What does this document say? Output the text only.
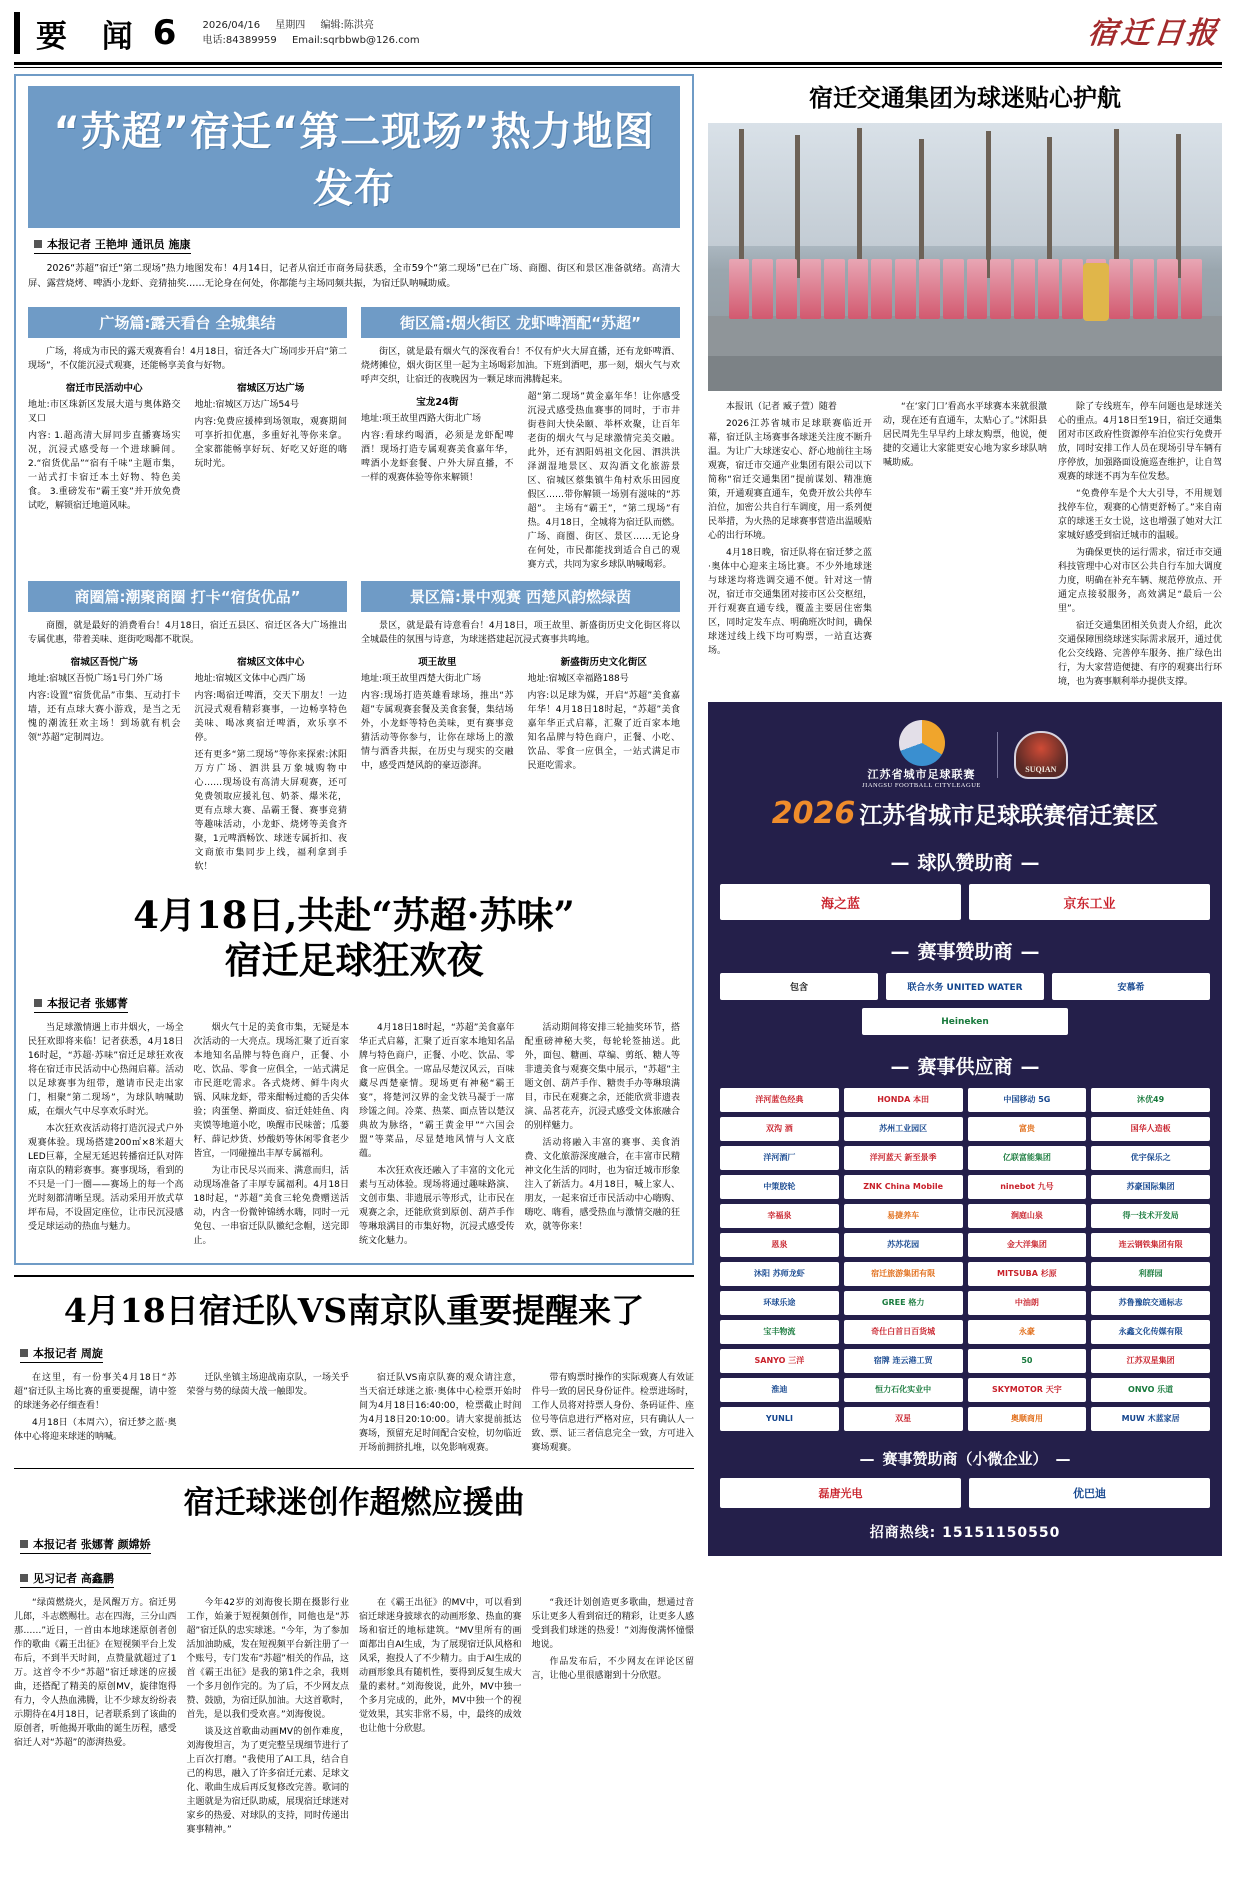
要 闻 6	2026/04/16 星期四 编辑:陈洪亮
电话:84389959 Email:sqrbbwb@126.com	宿迁日报
“苏超”宿迁“第二现场”热力地图发布
本报记者 王艳坤 通讯员 施康

2026“苏超”宿迁“第二现场”热力地图发布！4月14日，记者从宿迁市商务局获悉，全市59个“第二现场”已在广场、商圈、街区和景区准备就绪。高清大屏、露营烧烤、啤酒小龙虾、竞猜抽奖……无论身在何处，你都能与主场同频共振，为宿迁队呐喊助威。

广场篇:露天看台 全城集结

广场，将成为市民的露天观赛看台！4月18日，宿迁各大广场同步开启“第二现场”，不仅能沉浸式观赛，还能畅享美食与好物。

宿迁市民活动中心

地址:市区珠新区发展大道与奥体路交叉口

内容: 1.超高清大屏同步直播赛场实况，沉浸式感受每一个进球瞬间。 2.“宿货优品”“宿有千味”主题市集，一站式打卡宿迁本土好物、特色美食。 3.重磅发布“霸王宴”并开放免费试吃，解锁宿迁地道风味。

宿城区万达广场

地址:宿城区万达广场54号

内容:免费应援棒到场领取，观赛期间可享折扣优惠，多重好礼等你来拿。全家都能畅享好玩、好吃又好逛的嗨玩时光。

街区篇:烟火街区 龙虾啤酒配“苏超”

街区，就是最有烟火气的深夜看台！不仅有炉火大屏直播，还有龙虾啤酒、烧烤摊位，烟火街区里一起为主场喝彩加油。下班到酒吧，那一刻，烟火气与欢呼声交织，让宿迁的夜晚因为一颗足球而沸腾起来。

宝龙24街

地址:项王故里西路大街北广场

内容:看球约喝酒，必须是龙虾配啤酒！现场打造专属观赛美食嘉年华，啤酒小龙虾套餐、户外大屏直播，不一样的观赛体验等你来解锁！

超“第二现场”黄金嘉年华！让你感受沉浸式感受热血赛事的同时，于市井街巷间大快朵颐、举杯欢聚，让百年老街的烟火气与足球激情完美交融。 此外，还有泗阳妈祖文化园、泗洪洪泽湖湿地景区、双沟酒文化旅游景区、宿城区蔡集镇牛角村欢乐田园度假区……带你解锁一场别有滋味的“苏超”。 主场有“霸王”，“第二现场”有热。4月18日，全城将为宿迁队而燃。广场、商圈、街区、景区……无论身在何处，市民都能找到适合自己的观赛方式，共同为家乡球队呐喊喝彩。

商圈篇:潮聚商圈 打卡“宿货优品”

商圈，就是最好的消费看台！4月18日，宿迁五县区、宿迁区各大广场推出专属优惠，带着美味、逛街吃喝都不耽误。

宿城区吾悦广场

地址:宿城区吾悦广场1号门外广场

内容:设置“宿货优品”市集、互动打卡墙，还有点球大赛小游戏，是当之无愧的潮流狂欢主场！到场就有机会领“苏超”定制周边。

宿城区文体中心

地址:宿城区文体中心西广场

内容:喝宿迁啤酒，交天下朋友！一边沉浸式观看精彩赛事，一边畅享特色美味、喝冰爽宿迁啤酒，欢乐享不停。

还有更多“第二现场”等你来探索:沭阳万方广场、泗洪县万象城购物中心……现场设有高清大屏观赛，还可免费领取应援礼包、奶茶、爆米花，更有点球大赛、品霸王餐、赛事竞猜等趣味活动，小龙虾、烧烤等美食齐聚，1元啤酒畅饮、球迷专属折扣、夜文商旅市集同步上线，福利拿到手软！

景区篇:景中观赛 西楚风韵燃绿茵

景区，就是最有诗意看台！4月18日，项王故里、新盛街历史文化街区将以全城最佳的氛围与诗意，为球迷搭建起沉浸式赛事共鸣地。

项王故里

地址:项王故里西楚大街北广场

内容:现场打造英雄看球场，推出“苏超”专属观赛套餐及美食套餐，集结场外，小龙虾等特色美味，更有赛事竞猜活动等你参与，让你在球场上的激情与酒香共振，在历史与现实的交融中，感受西楚风韵的豪迈澎湃。

新盛街历史文化街区

地址:宿城区幸福路188号

内容:以足球为媒，开启“苏超”美食嘉年华！4月18日18时起，“苏超”美食嘉年华正式启幕，汇聚了近百家本地知名品牌与特色商户，正餐、小吃、饮品、零食一应俱全，一站式满足市民逛吃需求。

4月18日,共赴“苏超·苏味”
宿迁足球狂欢夜
本报记者 张娜菁

当足球激情遇上市井烟火，一场全民狂欢即将来临！记者获悉，4月18日16时起，“苏超·苏味”宿迁足球狂欢夜将在宿迁市民活动中心热闹启幕。活动以足球赛事为纽带，邀请市民走出家门，相聚“第二现场”，为球队呐喊助威，在烟火气中尽享欢乐时光。

本次狂欢夜活动将打造沉浸式户外观赛体验。现场搭建200㎡×8米超大LED巨幕，全屋无延迟转播宿迁队对阵南京队的精彩赛事。赛事现场，看到的不只是一门一圈——赛场上的每一个高光时刻都清晰呈现。活动采用开放式草坪布局，不设固定座位，让市民沉浸感受足球运动的热血与魅力。

烟火气十足的美食市集，无疑是本次活动的一大亮点。现场汇聚了近百家本地知名品牌与特色商户，正餐、小吃、饮品、零食一应俱全，一站式满足市民逛吃需求。各式烧烤、鲜牛肉火锅、风味龙虾，带来酣畅过瘾的舌尖体验；肉蛋堡、擀面皮、宿迁娃娃鱼、肉夹馍等地道小吃，唤醒市民味蕾；瓜蒌籽、薛记炒货、炒酸奶等休闲零食老少皆宜，一同碰撞出丰厚专属福利。

为让市民尽兴而来、满意而归，活动现场准备了丰厚专属福利。4月18日18时起，“苏超”美食三轮免费赠送活动，内含一份微钟锦绣水嗨，同时一元免包、一串宿迁队队徽纪念帽，送完即止。

4月18日18时起，“苏超”美食嘉年华正式启幕，汇聚了近百家本地知名品牌与特色商户，正餐、小吃、饮品、零食一应俱全。一席品尽楚汉风云，百味藏尽西楚豪情。现场更有神秘“霸王宴”，将楚河汉界的金戈铁马凝于一席珍馐之间。冷菜、热菜、面点皆以楚汉典故为脉络，“霸王黄金甲”“六国会盟”等菜品，尽显楚地风情与人文底蕴。

本次狂欢夜还融入了丰富的文化元素与互动体验。现场将通过趣味路演、文创市集、非遗展示等形式，让市民在观赛之余，还能欣赏到原创、葫芦手作等琳琅满目的市集好物，沉浸式感受传统文化魅力。

活动期间将安排三轮抽奖环节，搭配重磅神秘大奖，每轮轮签抽送。此外，面包、糖画、草编、剪纸、糖人等非遗美食与观赛交集中展示，“苏超”主题文创、葫芦手作、糖贵手办等琳琅满目，市民在观赛之余，还能欣赏非遗表演、品茗花卉，沉浸式感受文体旅融合的别样魅力。

活动将融入丰富的赛事、美食消费、文化旅游深度融合，在丰富市民精神文化生活的同时，也为宿迁城市形象注入了新活力。4月18日，喊上家人、朋友，一起来宿迁市民活动中心嗨购、嗨吃、嗨看，感受热血与激情交融的狂欢，就等你来！

4月18日宿迁队VS南京队重要提醒来了
本报记者 周旋

在这里，有一份事关4月18日“苏超”宿迁队主场比赛的重要提醒，请中签的球迷务必仔细查看！

4月18日（本周六），宿迁梦之蓝·奥体中心将迎来球迷的呐喊。

迁队坐镇主场迎战南京队，一场关乎荣誉与势的绿茵大战一触即发。

宿迁队VS南京队赛的观众请注意，当天宿迁球迷之旅·奥体中心检票开始时间为4月18日16:40:00，检票截止时间为4月18日20:10:00。请大家提前抵达赛场，预留充足时间配合安检，切勿临近开场前拥挤扎堆，以免影响观赛。

带有购票时操作的实际观赛人有效证件号一致的居民身份证件。检票进场时，工作人员将对持票人身份、条码证件、座位号等信息进行严格对应，只有确认人一致、票、证三者信息完全一致，方可进入赛场观赛。

宿迁球迷创作超燃应援曲
本报记者 张娜菁 颜嫦娇
见习记者 高鑫鹏

“绿茵燃烧火，是风醒万方。宿迁男儿郎，斗志燃赐壮。志在四海，三分山西那……”近日，一首由本地球迷原创者创作的歌曲《霸王出征》在短视频平台上发布后，不到半天时间，点赞量就超过了1万。这首令不少“苏超”宿迁球迷的应援曲，还搭配了精美的原创MV，旋律饱得有力，令人热血沸腾，让不少球友纷纷表示期待在4月18日，记者联系到了该曲的原创者，听他揭开歌曲的诞生历程，感受宿迁人对“苏超”的澎湃热爱。

今年42岁的刘海俊长期在摄影行业工作，始兼于短视频创作，同他也是“苏超”宿迁队的忠实球迷。“今年，为了参加活加油助威，发在短视频平台新注册了一个账号，专门发布“苏超”相关的作品，这首《霸王出征》是我的第1件之余，我则一个多月创作完的。为了后，不少网友点赞、鼓励，为宿迁队加油。大这首歌时，首先，是以我们受欢喜。”刘海俊说。

谈及这首歌曲动画MV的创作难度，刘海俊坦言，为了更完整呈现细节进行了上百次打磨。“我使用了AI工具，结合自己的构思，融入了许多宿迁元素、足球文化、歌曲生成后再反复修改完善。歌词的主题就是为宿迁队助威，展现宿迁球迷对家乡的热爱、对球队的支持，同时传递出赛事精神。”

在《霸王出征》的MV中，可以看到宿迁球迷身披球衣的动画形象、热血的赛场和宿迁的地标建筑。“MV里所有的画面都出自AI生成，为了展现宿迁队风格和风采，抱投人了不少精力。由于AI生成的动画形象具有随机性，要得到反复生成大量的素材。”刘海俊说，此外，MV中独一个多月完成的，此外，MV中独一个的视觉效果，其实非常不易，中，最终的成效也让他十分欣慰。

“我还计划创造更多歌曲，想通过音乐让更多人看到宿迁的精彩，让更多人感受到我们球迷的热爱！”刘海俊满怀憧憬地说。

作品发布后，不少网友在评论区留言，让他心里很感谢到十分欣慰。

宿迁交通集团为球迷贴心护航

本报讯（记者 臧子萱）随着

2026江苏省城市足球联赛临近开幕，宿迁队主场赛事各球迷关注度不断升温。为让广大球迷安心、舒心地前往主场观赛，宿迁市交通产业集团有限公司以下简称“宿迁交通集团”提前谋划、精准施策，开通观赛直通车，免费开放公共停车泊位，加密公共自行车调度，用一系列便民举措，为火热的足球赛事营造出温暖贴心的出行环境。

4月18日晚，宿迁队将在宿迁梦之蓝·奥体中心迎来主场比赛。不少外地球迷与球迷均将选调交通不便。针对这一情况，宿迁市交通集团对接市区公交枢纽，开行观赛直通专线，覆盖主要居住密集区，同时定发车点、明确班次时间，确保球迷过线上线下均可购票，一站直达赛场。

“在‘家门口’看高水平球赛本来就很激动，现在还有直通车，太贴心了。”沭阳县居民周先生早早约上球友购票，他说，便捷的交通让大家能更安心地为家乡球队呐喊助威。

除了专线班车，停车问题也是球迷关心的重点。4月18日至19日，宿迁交通集团对市区政府性资源停车泊位实行免费开放，同时安排工作人员在现场引导车辆有序停放，加强路面设施巡查维护，让自驾观赛的球迷不再为车位发愁。

“免费停车是个大大引导，不用规划找停车位，观赛的心情更舒畅了。”来自南京的球迷王女士说，这也增强了她对大江家城好感受到宿迁城市的温暖。

为确保更快的运行需求，宿迁市交通科技管理中心对市区公共自行车加大调度力度，明确在补充车辆、规范停放点、开通定点接驳服务，高效满足“最后一公里”。

宿迁交通集团相关负责人介绍，此次交通保障围绕球迷实际需求展开，通过优化公交线路、完善停车服务、推广绿色出行，为大家营造便捷、有序的观赛出行环境，也为赛事顺利举办提供支撑。

江苏省城市足球联赛
JIANGSU FOOTBALL CITYLEAGUE
SUQIAN
2026 江苏省城市足球联赛宿迁赛区
— 球队赞助商 —
海之蓝	京东工业
— 赛事赞助商 —
包含	联合水务 UNITED WATER	安慕希
Heineken
— 赛事供应商 —
洋河蓝色经典	HONDA 本田	中国移动 5G	沐优49
双沟 酒	苏州工业园区	富贵	国华人造板
洋河酒厂	洋河蓝天 新至景季	亿联富能集团	优宇保乐之
中策胶轮	ZNK China Mobile	ninebot 九号	苏豪国际集团
幸福泉	易捷养车	涧庭山泉	得一技术开发局
恩泉	苏苏花园	金大洋集团	连云钢铁集团有限
沐阳 苏师龙虾	宿迁旅游集团有限	MITSUBA 杉原	利群园
环球乐途	GREE 格力	中油朗	苏鲁豫皖交通标志
宝丰物流	奇仕白首日百货城	永豪	永鑫文化传媒有限
SANYO 三洋	宿牌 连云港工贸	50	江苏双星集团
淮迪	恒力石化实业中	SKYMOTOR 天宇	ONVO 乐道
YUNLI	双星	奥顺商用	MUW 木蓝家居
— 赛事赞助商（小微企业） —
磊唐光电	优巴迪
招商热线: 15151150550
